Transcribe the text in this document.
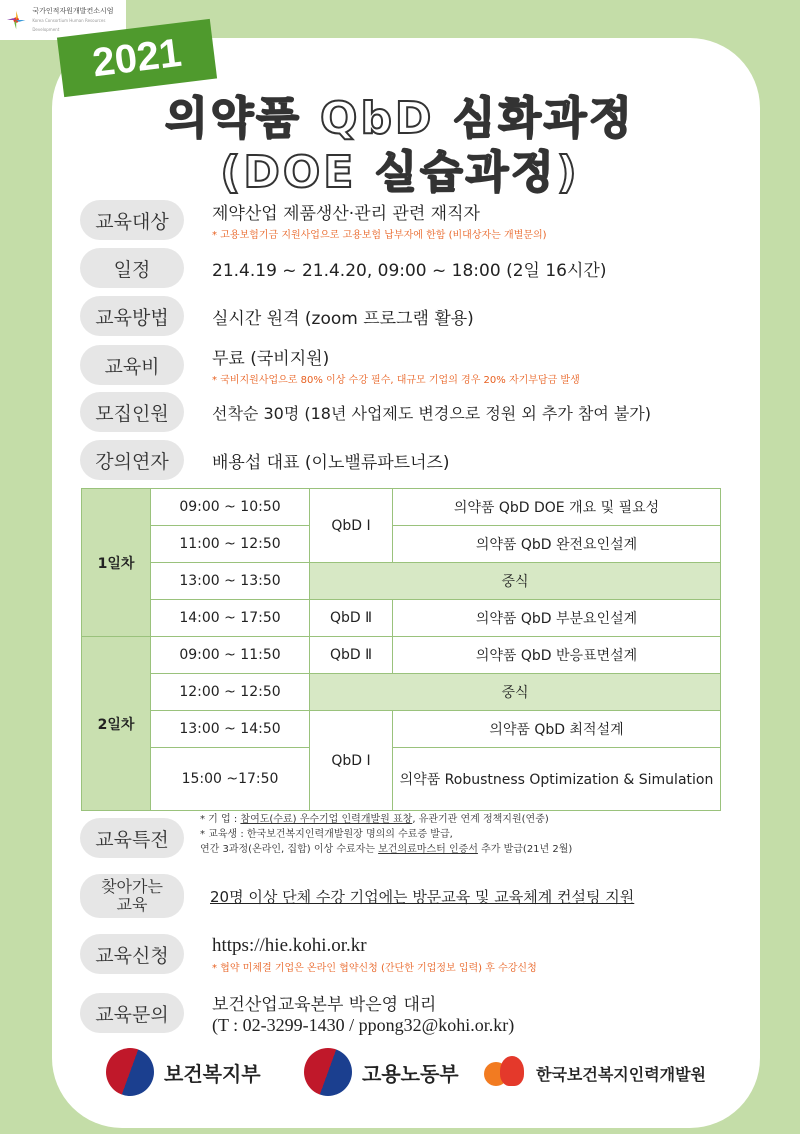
국가인적자원개발컨소시엄
Korea Consortium Human Resources Development
2021
의약품 QbD 심화과정
(DOE 실습과정)
교육대상	제약산업 제품생산·관리 관련 재직자
* 고용보험기금 지원사업으로 고용보험 납부자에 한함 (비대상자는 개별문의)
일정	21.4.19 ~ 21.4.20, 09:00 ~ 18:00 (2일 16시간)
교육방법	실시간 원격 (zoom 프로그램 활용)
교육비	무료 (국비지원)
* 국비지원사업으로 80% 이상 수강 필수, 대규모 기업의 경우 20% 자기부담금 발생
모집인원	선착순 30명 (18년 사업제도 변경으로 정원 외 추가 참여 불가)
강의연자	배용섭 대표 (이노밸류파트너즈)
1일차	09:00 ~ 10:50	QbD Ⅰ	의약품 QbD DOE 개요 및 필요성
	11:00 ~ 12:50		의약품 QbD 완전요인설계
	13:00 ~ 13:50	중식	
	14:00 ~ 17:50	QbD Ⅱ	의약품 QbD 부분요인설계
2일차	09:00 ~ 11:50	QbD Ⅱ	의약품 QbD 반응표면설계
	12:00 ~ 12:50	중식	
	13:00 ~ 14:50	QbD Ⅰ	의약품 QbD 최적설계
	15:00 ~17:50		의약품 Robustness Optimization & Simulation
교육특전
* 기 업 : 참여도(수료) 우수기업 인력개발원 표창, 유관기관 연계 정책지원(연중)
* 교육생 : 한국보건복지인력개발원장 명의의 수료증 발급,
연간 3과정(온라인, 집합) 이상 수료자는 보건의료마스터 인증서 추가 발급(21년 2월)
찾아가는
교육	20명 이상 단체 수강 기업에는 방문교육 및 교육체계 컨설팅 지원
교육신청	https://hie.kohi.or.kr
* 협약 미체결 기업은 온라인 협약신청 (간단한 기업정보 입력) 후 수강신청
교육문의	보건산업교육본부 박은영 대리
(T : 02-3299-1430 / ppong32@kohi.or.kr)
보건복지부	고용노동부	한국보건복지인력개발원
